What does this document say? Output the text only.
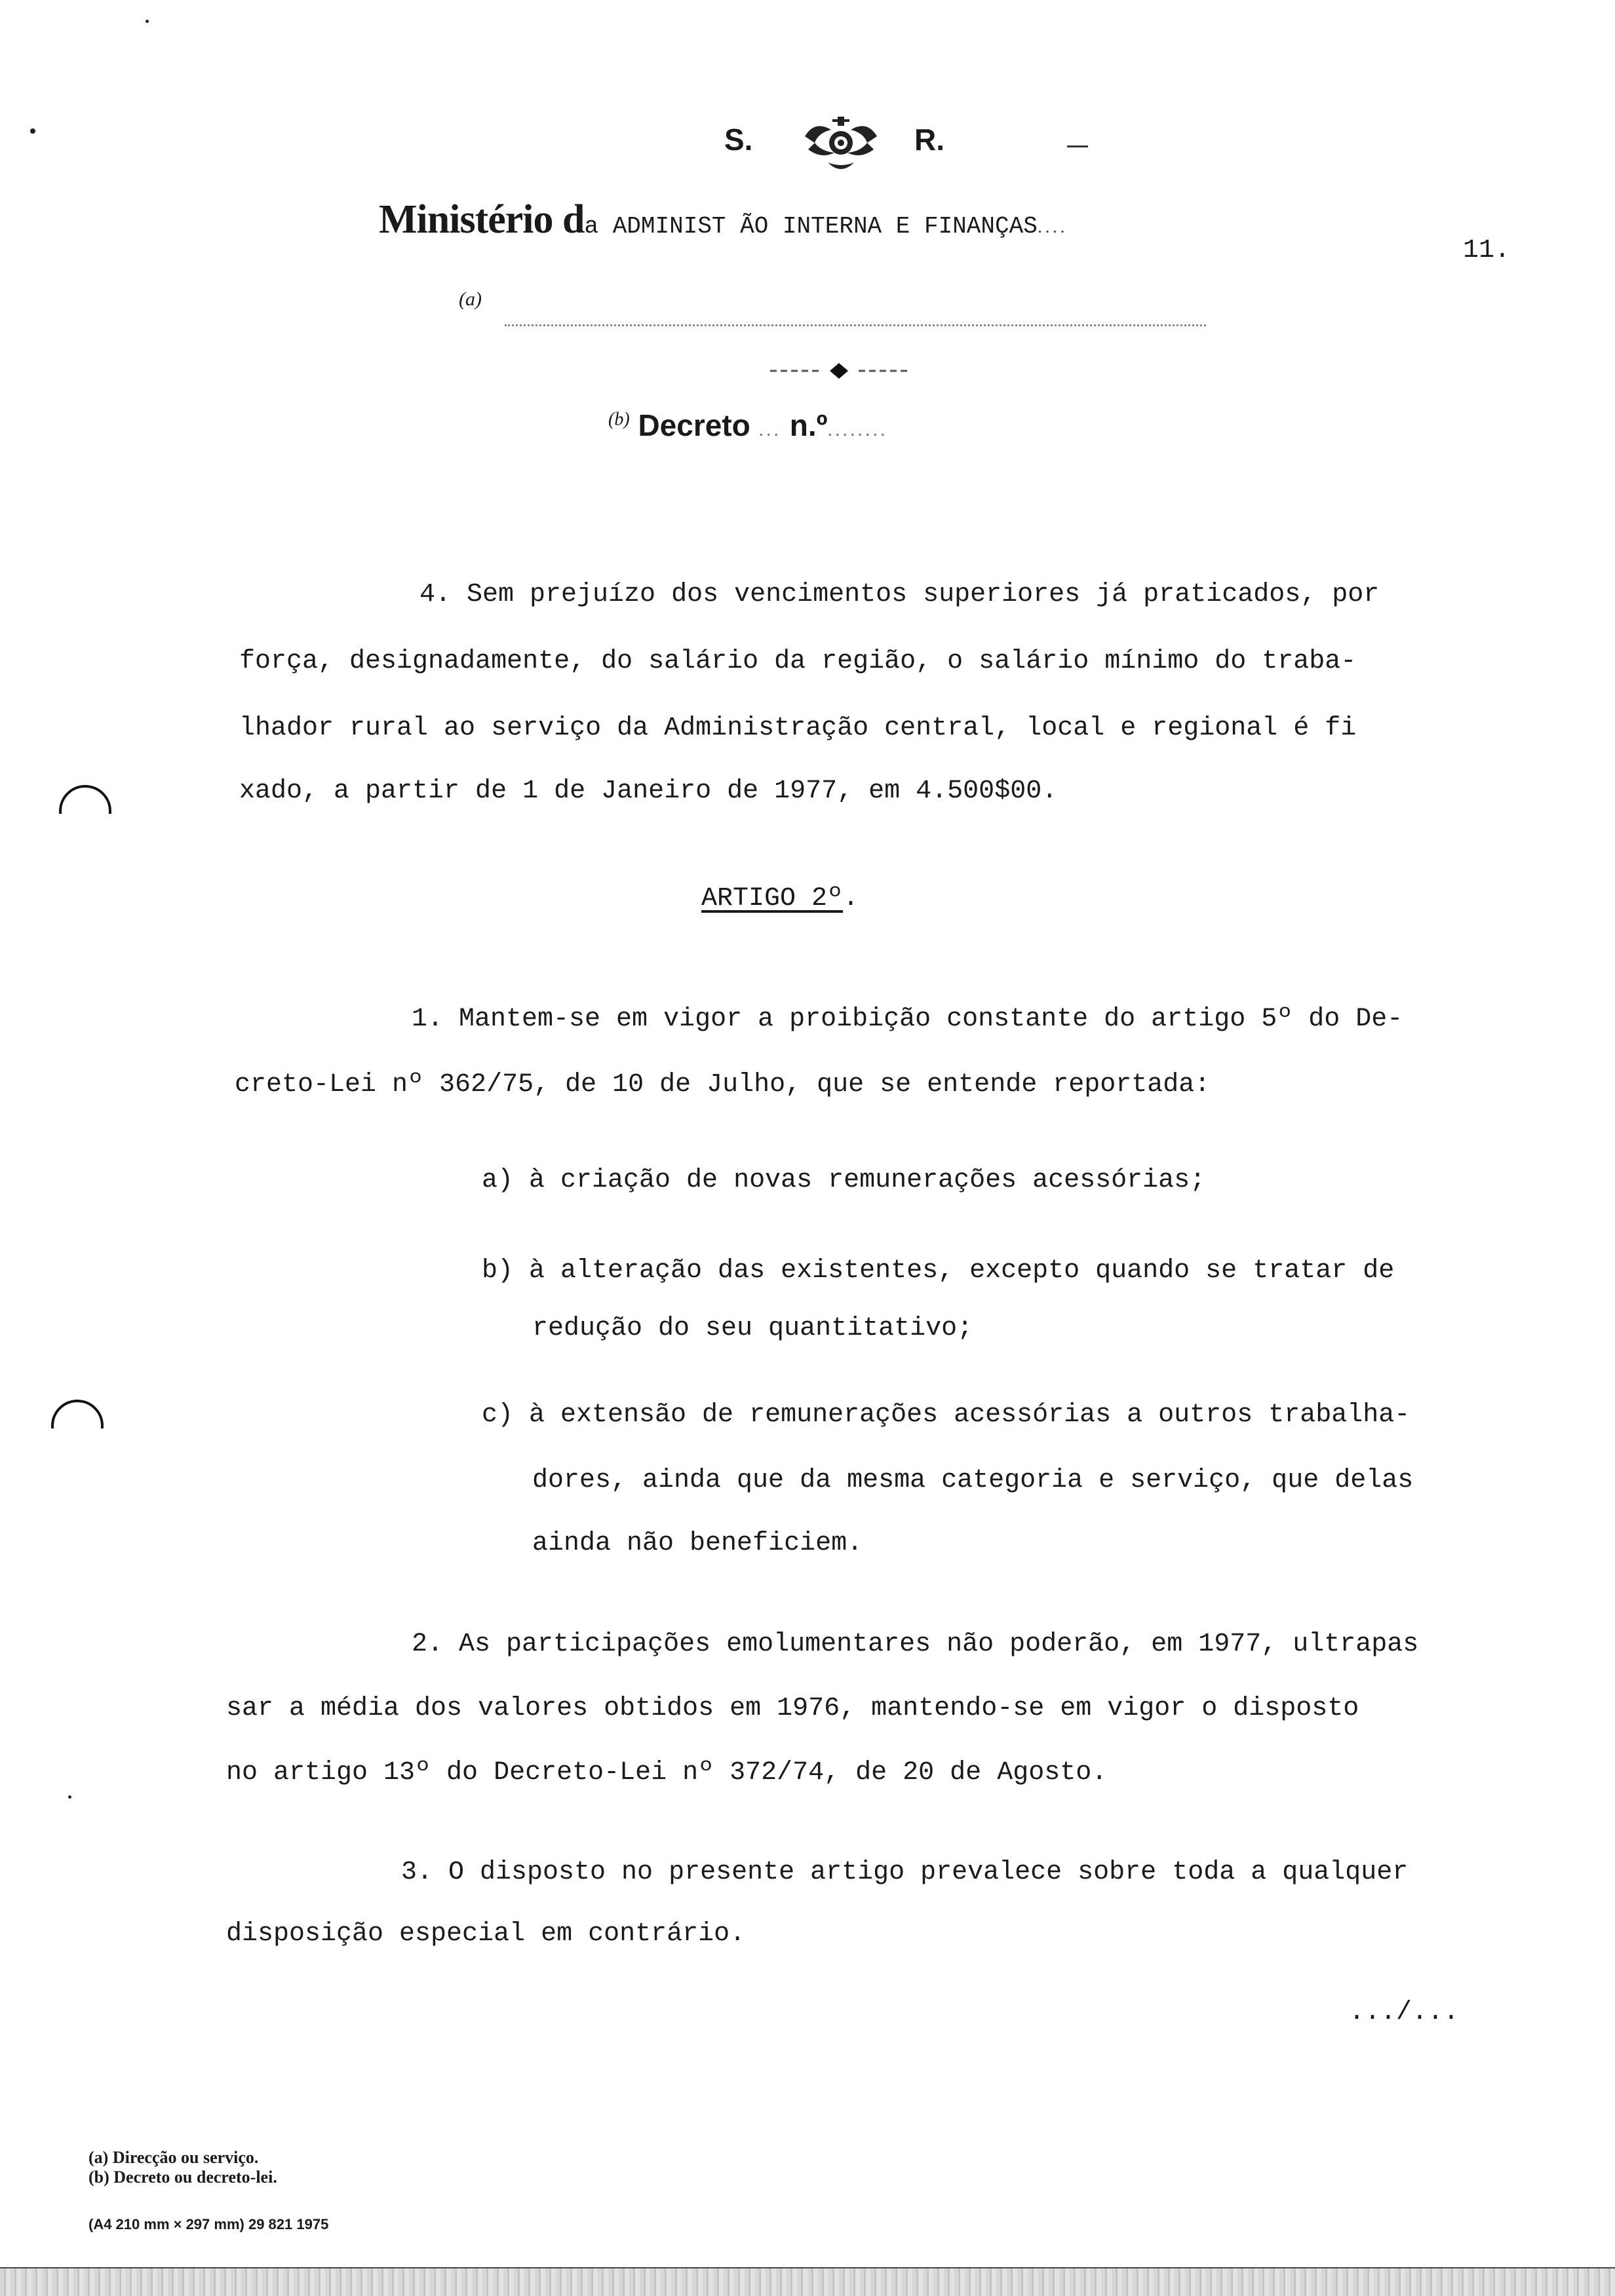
S.	R.
Ministério da ADMINIST ÃO INTERNA E FINANÇAS....
11.
(a)
$^{(b)}$ Decreto ... n.º........
4. Sem prejuízo dos vencimentos superiores já praticados, por
força, designadamente, do salário da região, o salário mínimo do traba-
lhador rural ao serviço da Administração central, local e regional é fi
xado, a partir de 1 de Janeiro de 1977, em 4.500$00.
ARTIGO 2º.
1. Mantem-se em vigor a proibição constante do artigo 5º do De-
creto-Lei nº 362/75, de 10 de Julho, que se entende reportada:
a) à criação de novas remunerações acessórias;
b) à alteração das existentes, excepto quando se tratar de
redução do seu quantitativo;
c) à extensão de remunerações acessórias a outros trabalha-
dores, ainda que da mesma categoria e serviço, que delas
ainda não beneficiem.
2. As participações emolumentares não poderão, em 1977, ultrapas
sar a média dos valores obtidos em 1976, mantendo-se em vigor o disposto
no artigo 13º do Decreto-Lei nº 372/74, de 20 de Agosto.
3. O disposto no presente artigo prevalece sobre toda a qualquer
disposição especial em contrário.
.../...
(a) Direcção ou serviço.
(b) Decreto ou decreto-lei.
(A4 210 mm × 297 mm) 29 821 1975
